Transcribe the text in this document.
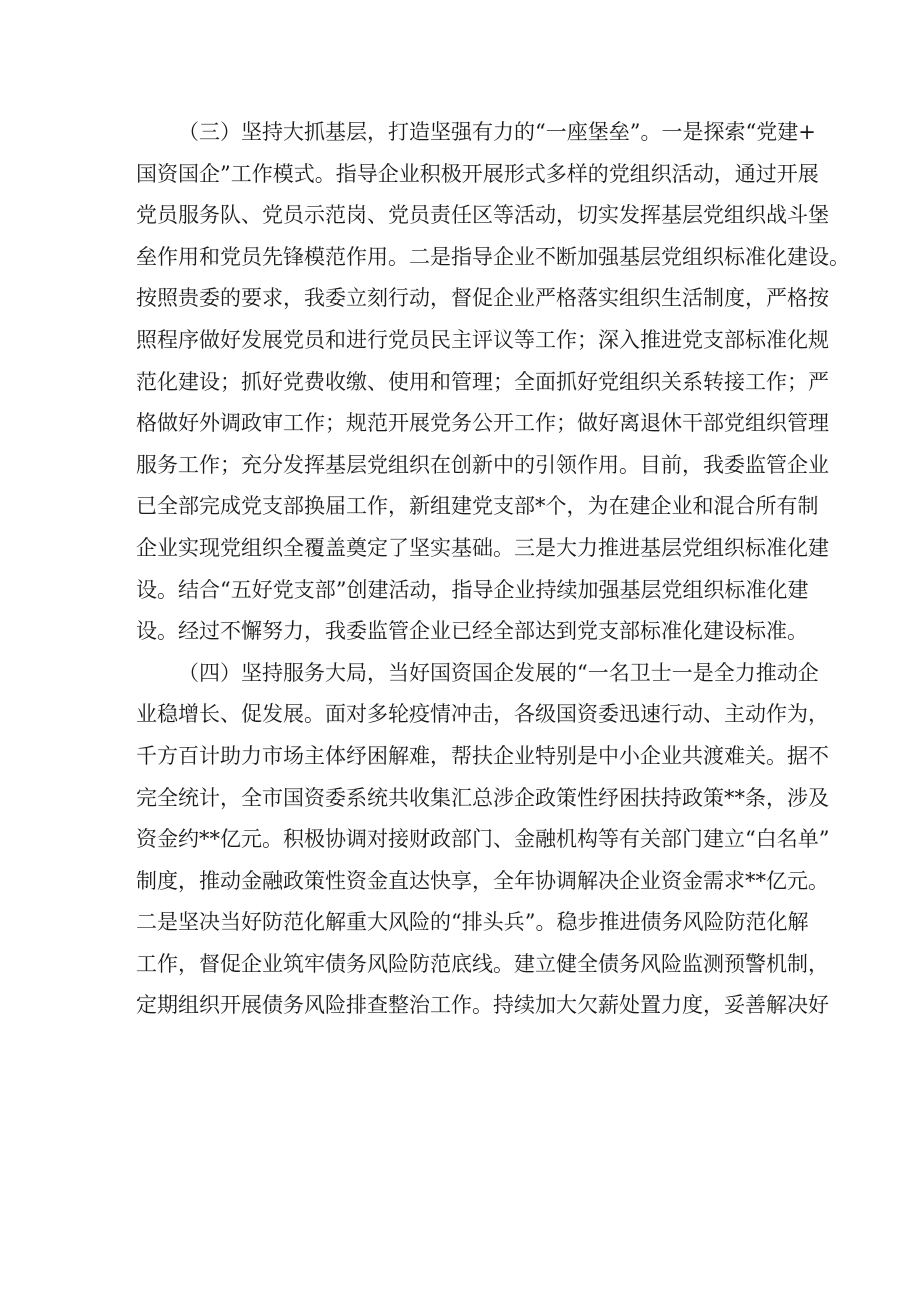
（三）坚持大抓基层，打造坚强有力的“一座堡垒”。一是探索“党建+
国资国企”工作模式。指导企业积极开展形式多样的党组织活动，通过开展
党员服务队、党员示范岗、党员责任区等活动，切实发挥基层党组织战斗堡
垒作用和党员先锋模范作用。二是指导企业不断加强基层党组织标准化建设。
按照贵委的要求，我委立刻行动，督促企业严格落实组织生活制度，严格按
照程序做好发展党员和进行党员民主评议等工作；深入推进党支部标准化规
范化建设；抓好党费收缴、使用和管理；全面抓好党组织关系转接工作；严
格做好外调政审工作；规范开展党务公开工作；做好离退休干部党组织管理
服务工作；充分发挥基层党组织在创新中的引领作用。目前，我委监管企业
已全部完成党支部换届工作，新组建党支部*个，为在建企业和混合所有制
企业实现党组织全覆盖奠定了坚实基础。三是大力推进基层党组织标准化建
设。结合“五好党支部”创建活动，指导企业持续加强基层党组织标准化建
设。经过不懈努力，我委监管企业已经全部达到党支部标准化建设标准。
（四）坚持服务大局，当好国资国企发展的“一名卫士一是全力推动企
业稳增长、促发展。面对多轮疫情冲击，各级国资委迅速行动、主动作为，
千方百计助力市场主体纾困解难，帮扶企业特别是中小企业共渡难关。据不
完全统计，全市国资委系统共收集汇总涉企政策性纾困扶持政策**条，涉及
资金约**亿元。积极协调对接财政部门、金融机构等有关部门建立“白名单”
制度，推动金融政策性资金直达快享，全年协调解决企业资金需求**亿元。
二是坚决当好防范化解重大风险的“排头兵”。稳步推进债务风险防范化解
工作，督促企业筑牢债务风险防范底线。建立健全债务风险监测预警机制，
定期组织开展债务风险排查整治工作。持续加大欠薪处置力度，妥善解决好
